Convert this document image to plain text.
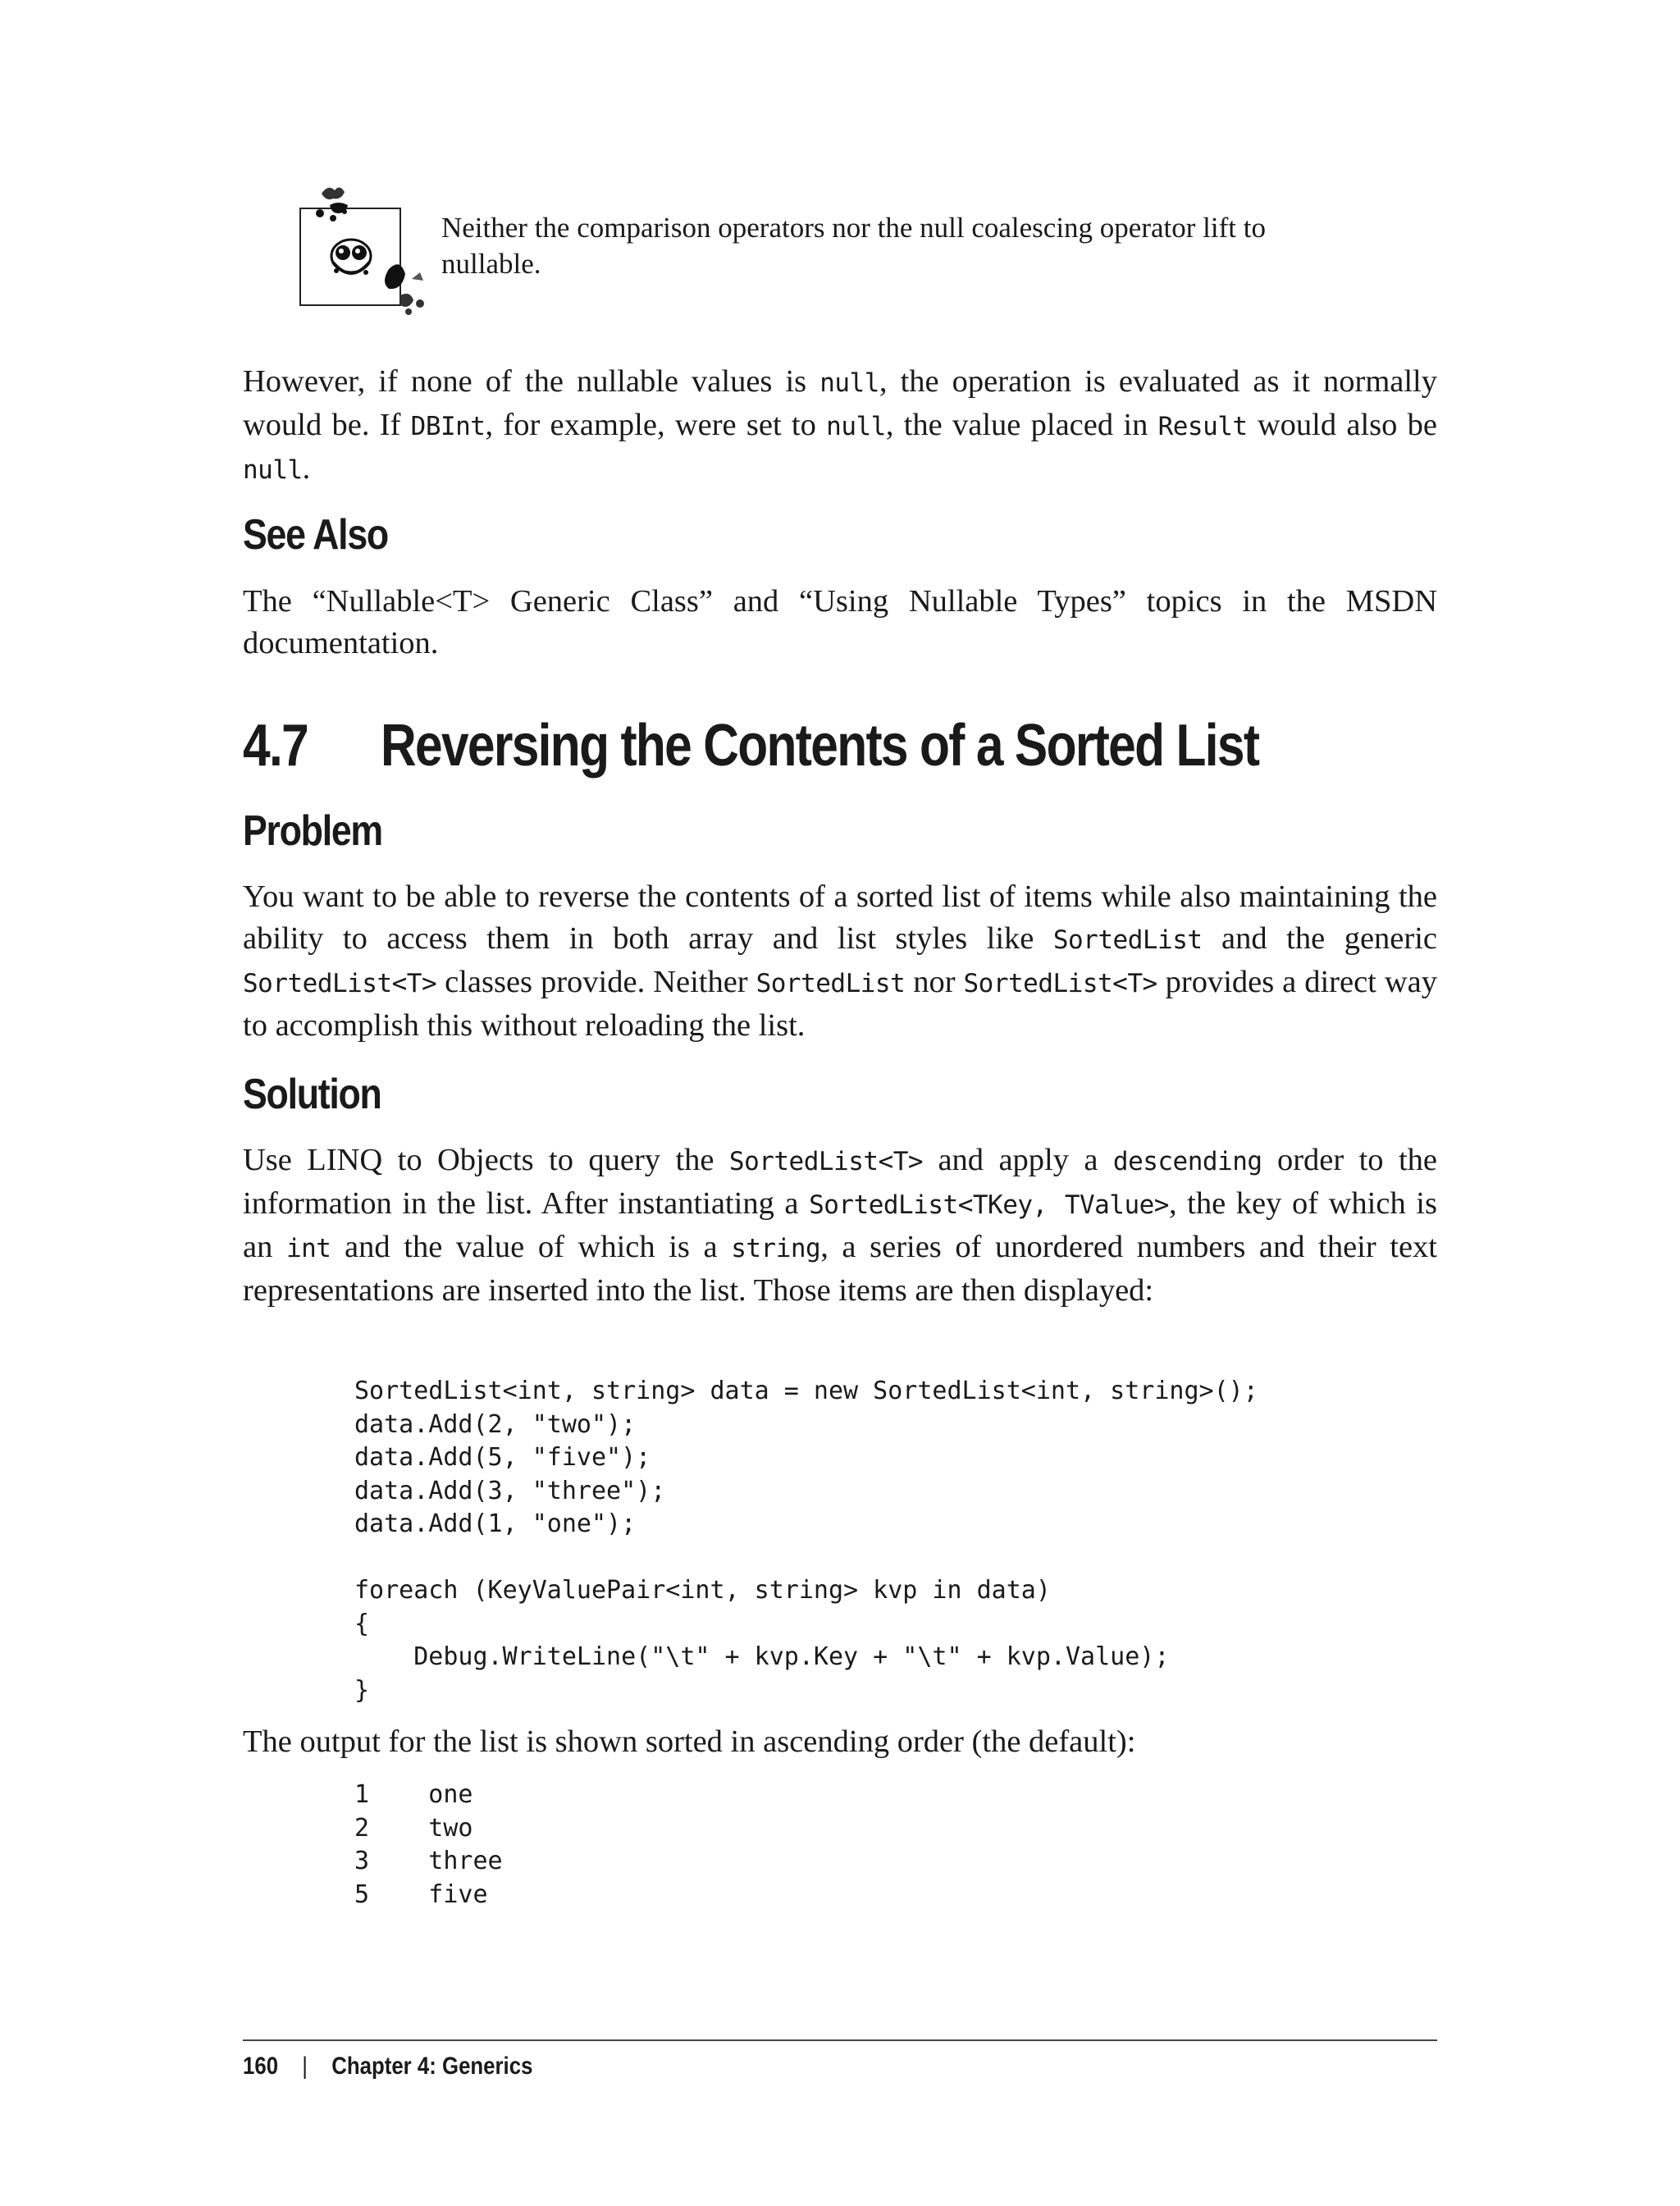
Neither the comparison operators nor the null coalescing operator lift to nullable.
However, if none of the nullable values is null, the operation is evaluated as it normally would be. If DBInt, for example, were set to null, the value placed in Result would also be null.
See Also
The “Nullable<T> Generic Class” and “Using Nullable Types” topics in the MSDN documentation.
4.7 Reversing the Contents of a Sorted List
Problem
You want to be able to reverse the contents of a sorted list of items while also maintaining the ability to access them in both array and list styles like SortedList and the generic SortedList<T> classes provide. Neither SortedList nor SortedList<T> provides a direct way to accomplish this without reloading the list.
Solution
Use LINQ to Objects to query the SortedList<T> and apply a descending order to the information in the list. After instantiating a SortedList<TKey, TValue>, the key of which is an int and the value of which is a string, a series of unordered numbers and their text representations are inserted into the list. Those items are then displayed:
SortedList<int, string> data = new SortedList<int, string>();
data.Add(2, "two");
data.Add(5, "five");
data.Add(3, "three");
data.Add(1, "one");

foreach (KeyValuePair<int, string> kvp in data)
{
Debug.WriteLine("\t" + kvp.Key + "\t" + kvp.Value);
}
The output for the list is shown sorted in ascending order (the default):
1    one
2    two
3    three
5    five
160 | Chapter 4: Generics
